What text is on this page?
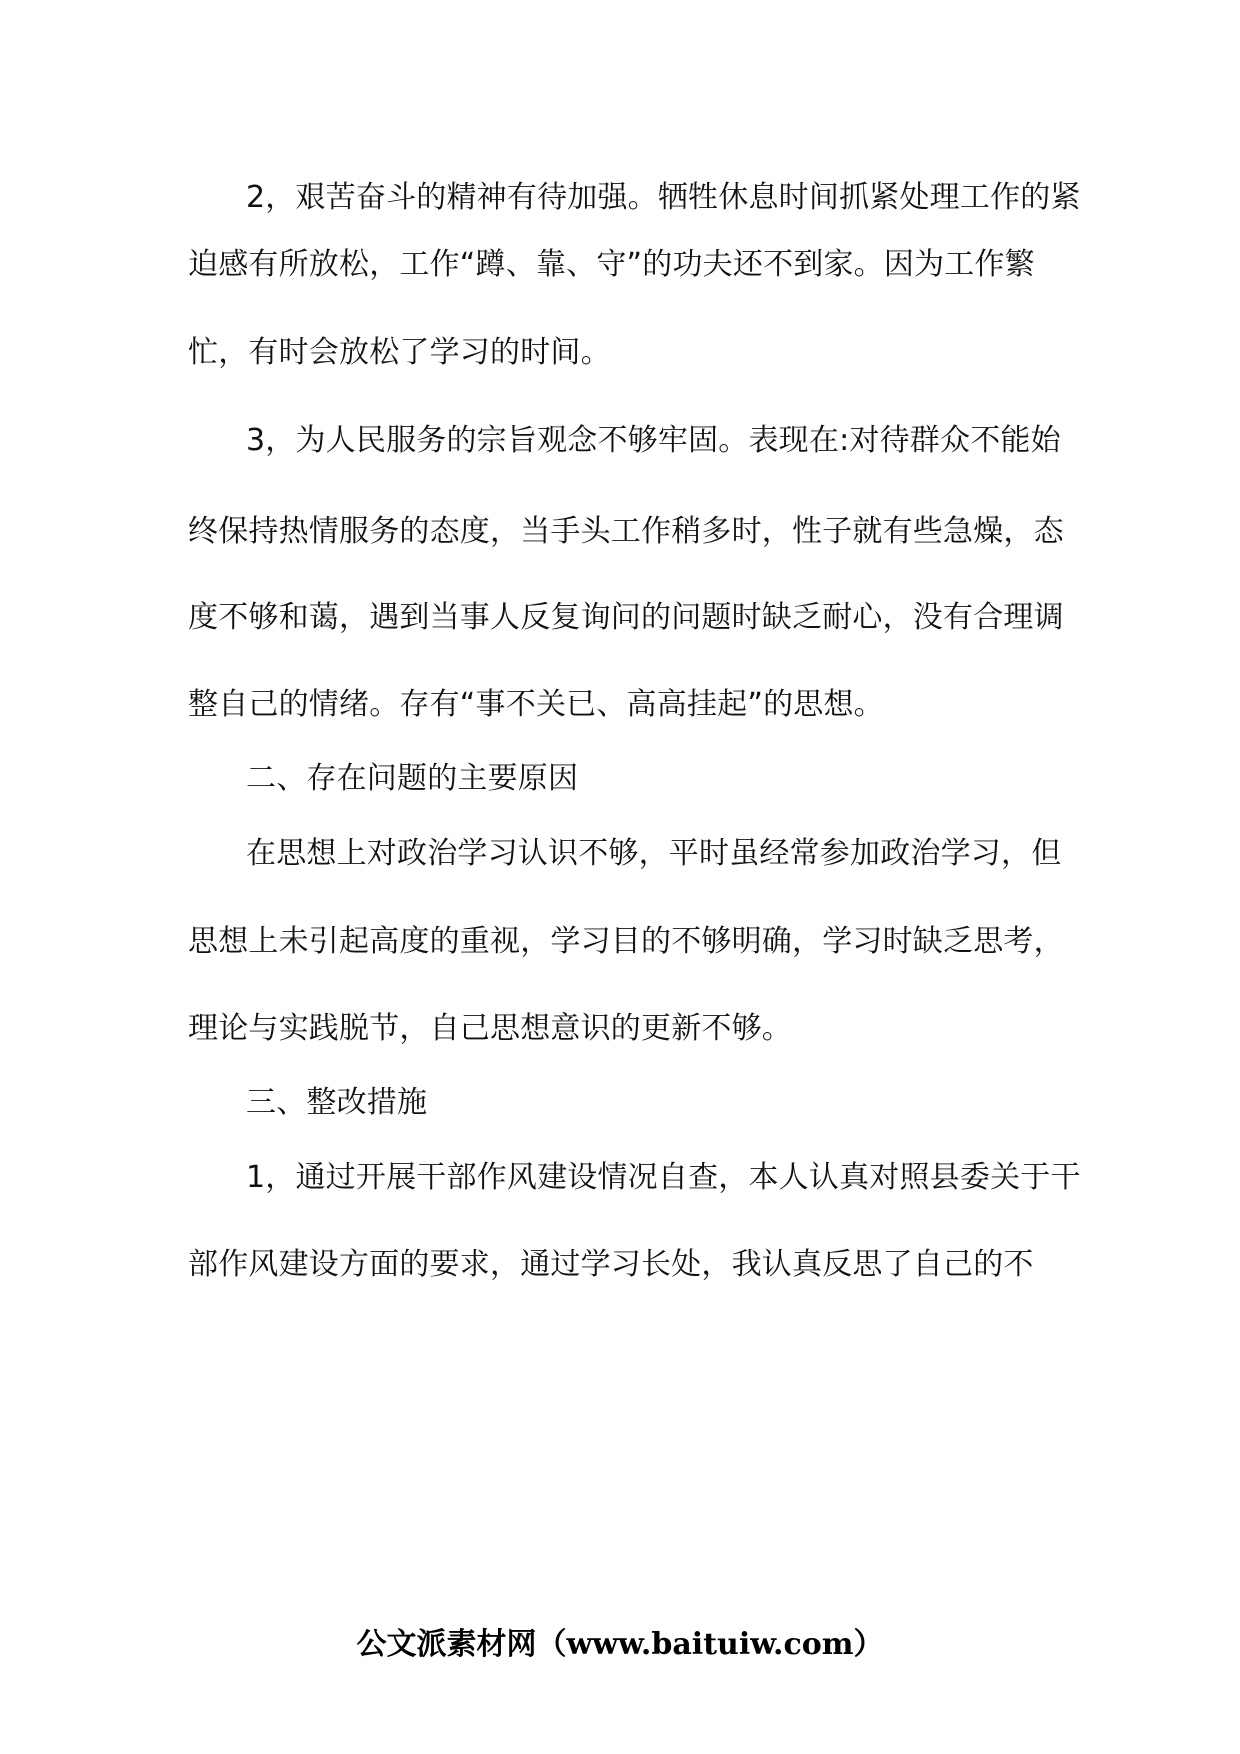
2，艰苦奋斗的精神有待加强。牺牲休息时间抓紧处理工作的紧
迫感有所放松，工作“蹲、靠、守”的功夫还不到家。因为工作繁
忙，有时会放松了学习的时间。
3，为人民服务的宗旨观念不够牢固。表现在:对待群众不能始
终保持热情服务的态度，当手头工作稍多时，性子就有些急燥，态
度不够和蔼，遇到当事人反复询问的问题时缺乏耐心，没有合理调
整自己的情绪。存有“事不关已、高高挂起”的思想。
二、存在问题的主要原因
在思想上对政治学习认识不够，平时虽经常参加政治学习，但
思想上未引起高度的重视，学习目的不够明确，学习时缺乏思考，
理论与实践脱节，自己思想意识的更新不够。
三、整改措施
1，通过开展干部作风建设情况自查，本人认真对照县委关于干
部作风建设方面的要求，通过学习长处，我认真反思了自己的不
公文派素材网（www.baituiw.com）
